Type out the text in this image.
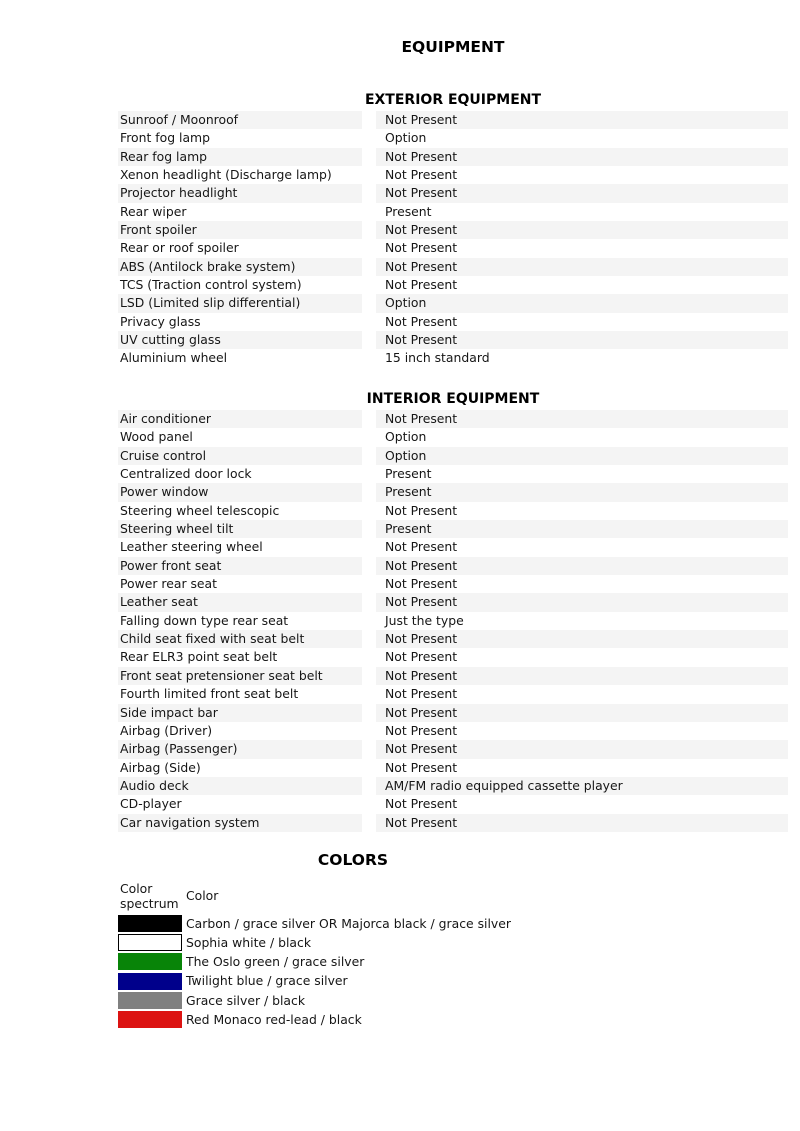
EQUIPMENT
EXTERIOR EQUIPMENT
Sunroof / Moonroof	Not Present
Front fog lamp	Option
Rear fog lamp	Not Present
Xenon headlight (Discharge lamp)	Not Present
Projector headlight	Not Present
Rear wiper	Present
Front spoiler	Not Present
Rear or roof spoiler	Not Present
ABS (Antilock brake system)	Not Present
TCS (Traction control system)	Not Present
LSD (Limited slip differential)	Option
Privacy glass	Not Present
UV cutting glass	Not Present
Aluminium wheel	15 inch standard
INTERIOR EQUIPMENT
Air conditioner	Not Present
Wood panel	Option
Cruise control	Option
Centralized door lock	Present
Power window	Present
Steering wheel telescopic	Not Present
Steering wheel tilt	Present
Leather steering wheel	Not Present
Power front seat	Not Present
Power rear seat	Not Present
Leather seat	Not Present
Falling down type rear seat	Just the type
Child seat fixed with seat belt	Not Present
Rear ELR3 point seat belt	Not Present
Front seat pretensioner seat belt	Not Present
Fourth limited front seat belt	Not Present
Side impact bar	Not Present
Airbag (Driver)	Not Present
Airbag (Passenger)	Not Present
Airbag (Side)	Not Present
Audio deck	AM/FM radio equipped cassette player
CD-player	Not Present
Car navigation system	Not Present
COLORS
Color spectrum Color
Carbon / grace silver OR Majorca black / grace silver
Sophia white / black
The Oslo green / grace silver
Twilight blue / grace silver
Grace silver / black
Red Monaco red-lead / black
